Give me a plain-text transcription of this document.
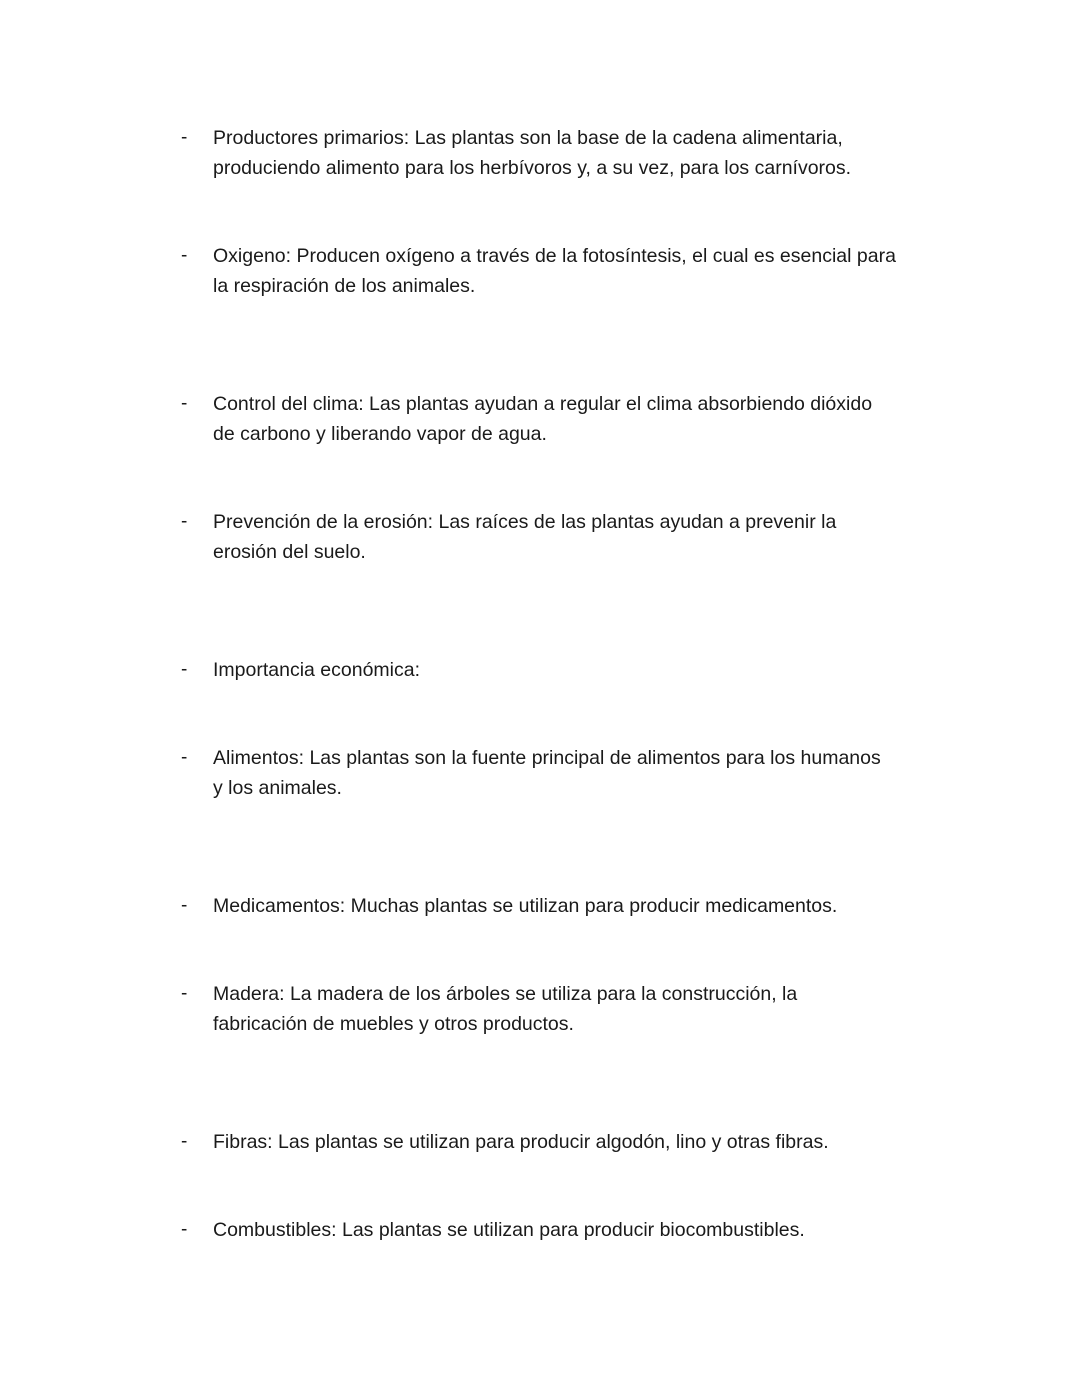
- Productores primarios: Las plantas son la base de la cadena alimentaria,
produciendo alimento para los herbívoros y, a su vez, para los carnívoros.
- Oxigeno: Producen oxígeno a través de la fotosíntesis, el cual es esencial para
la respiración de los animales.
- Control del clima: Las plantas ayudan a regular el clima absorbiendo dióxido
de carbono y liberando vapor de agua.
- Prevención de la erosión: Las raíces de las plantas ayudan a prevenir la
erosión del suelo.
- Importancia económica:
- Alimentos: Las plantas son la fuente principal de alimentos para los humanos
y los animales.
- Medicamentos: Muchas plantas se utilizan para producir medicamentos.
- Madera: La madera de los árboles se utiliza para la construcción, la
fabricación de muebles y otros productos.
- Fibras: Las plantas se utilizan para producir algodón, lino y otras fibras.
- Combustibles: Las plantas se utilizan para producir biocombustibles.
